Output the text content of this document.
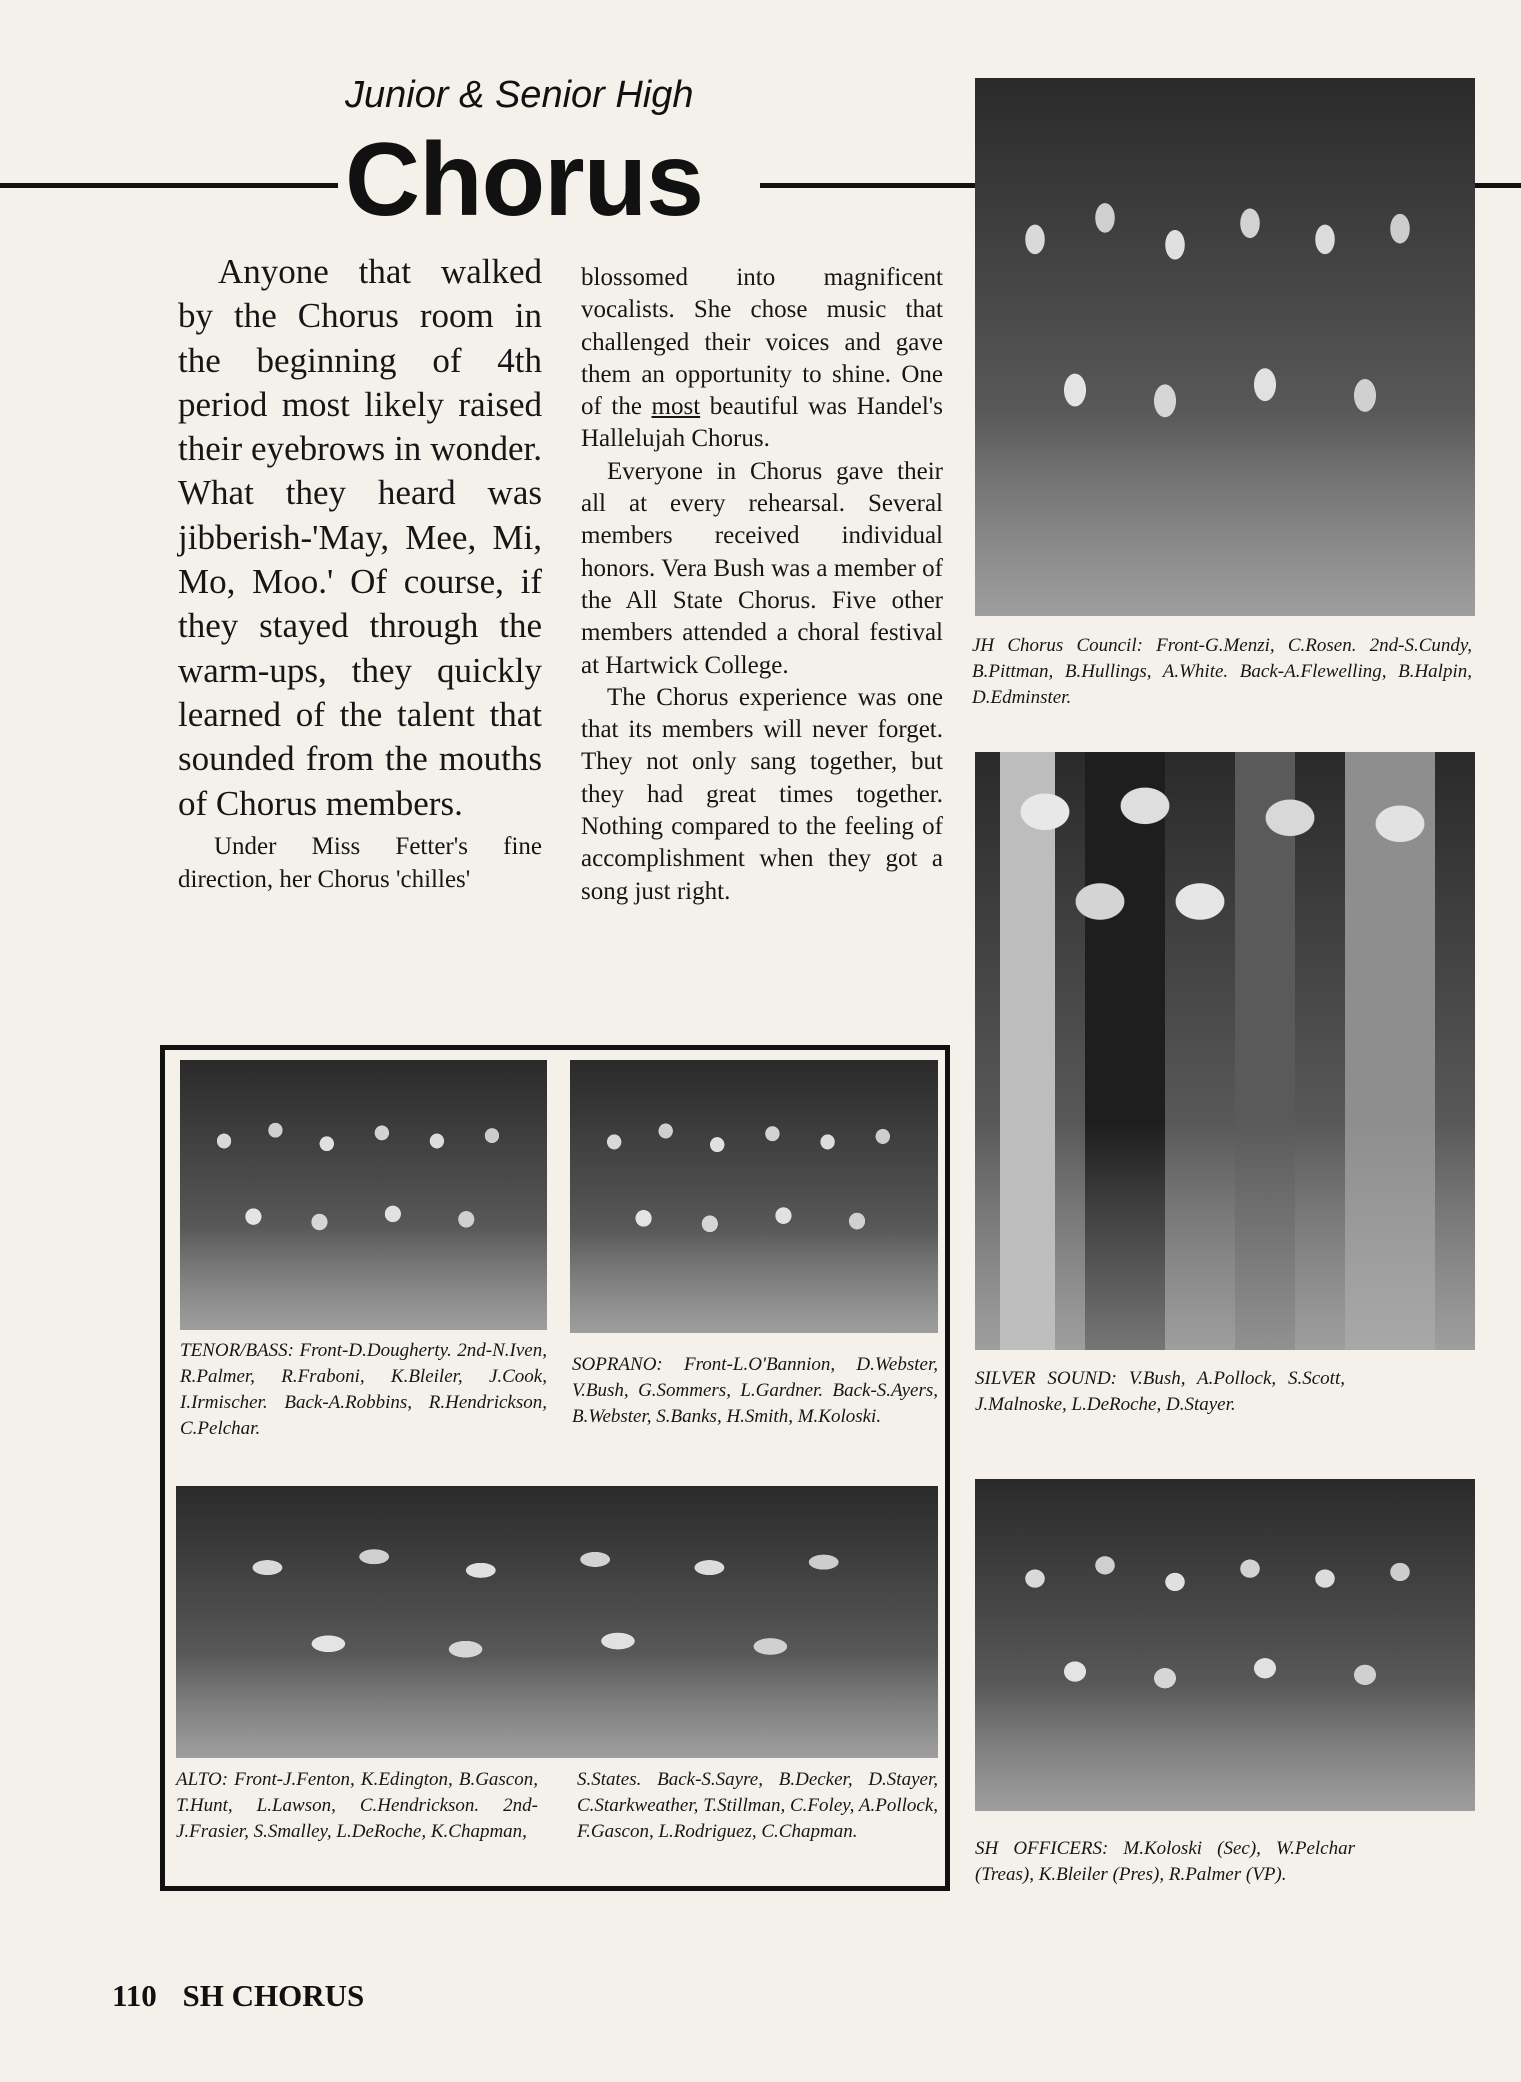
Junior & Senior High
Chorus

Anyone that walked by the Chorus room in the beginning of 4th period most likely raised their eyebrows in wonder. What they heard was jibberish-'May, Mee, Mi, Mo, Moo.' Of course, if they stayed through the warm-ups, they quickly learned of the talent that sounded from the mouths of Chorus members.

Under Miss Fetter's fine direction, her Chorus 'chilles'

blossomed into magnificent vocalists. She chose music that challenged their voices and gave them an opportunity to shine. One of the most beautiful was Handel's Hallelujah Chorus.

Everyone in Chorus gave their all at every rehearsal. Several members received individual honors. Vera Bush was a member of the All State Chorus. Five other members attended a choral festival at Hartwick College.

The Chorus experience was one that its members will never forget. They not only sang together, but they had great times together. Nothing compared to the feeling of accomplishment when they got a song just right.

JH Chorus Council: Front-G.Menzi, C.Rosen. 2nd-S.Cundy, B.Pittman, B.Hullings, A.White. Back-A.Flewelling, B.Halpin, D.Edminster.
SILVER SOUND: V.Bush, A.Pollock, S.Scott, J.Malnoske, L.DeRoche, D.Stayer.
SH OFFICERS: M.Koloski (Sec), W.Pelchar (Treas), K.Bleiler (Pres), R.Palmer (VP).
TENOR/BASS: Front-D.Dougherty. 2nd-N.Iven, R.Palmer, R.Fraboni, K.Bleiler, J.Cook, I.Irmischer. Back-A.Robbins, R.Hendrickson, C.Pelchar.
SOPRANO: Front-L.O'Bannion, D.Webster, V.Bush, G.Sommers, L.Gardner. Back-S.Ayers, B.Webster, S.Banks, H.Smith, M.Koloski.
ALTO: Front-J.Fenton, K.Edington, B.Gascon, T.Hunt, L.Lawson, C.Hendrickson. 2nd-J.Frasier, S.Smalley, L.DeRoche, K.Chapman,
S.States. Back-S.Sayre, B.Decker, D.Stayer, C.Starkweather, T.Stillman, C.Foley, A.Pollock, F.Gascon, L.Rodriguez, C.Chapman.
110 SH CHORUS
